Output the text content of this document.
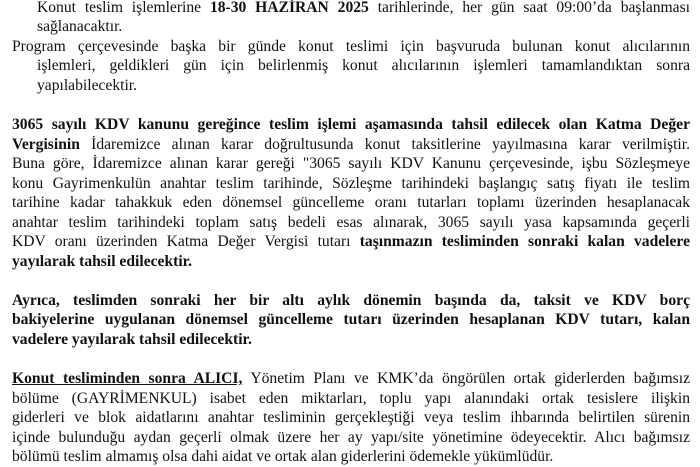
Konut teslim işlemlerine 18-30 HAZİRAN 2025 tarihlerinde, her gün saat 09:00’da başlanması
sağlanacaktır.
Program çerçevesinde başka bir günde konut teslimi için başvuruda bulunan konut alıcılarının
işlemleri, geldikleri gün için belirlenmiş konut alıcılarının işlemleri tamamlandıktan sonra
yapılabilecektir.
3065 sayılı KDV kanunu gereğince teslim işlemi aşamasında tahsil edilecek olan Katma Değer
Vergisinin İdaremizce alınan karar doğrultusunda konut taksitlerine yayılmasına karar verilmiştir.
Buna göre, İdaremizce alınan karar gereği "3065 sayılı KDV Kanunu çerçevesinde, işbu Sözleşmeye
konu Gayrimenkulün anahtar teslim tarihinde, Sözleşme tarihindeki başlangıç satış fiyatı ile teslim
tarihine kadar tahakkuk eden dönemsel güncelleme oranı tutarları toplamı üzerinden hesaplanacak
anahtar teslim tarihindeki toplam satış bedeli esas alınarak, 3065 sayılı yasa kapsamında geçerli
KDV oranı üzerinden Katma Değer Vergisi tutarı taşınmazın tesliminden sonraki kalan vadelere
yayılarak tahsil edilecektir.
Ayrıca, teslimden sonraki her bir altı aylık dönemin başında da, taksit ve KDV borç
bakiyelerine uygulanan dönemsel güncelleme tutarı üzerinden hesaplanan KDV tutarı, kalan
vadelere yayılarak tahsil edilecektir.
Konut tesliminden sonra ALICI, Yönetim Planı ve KMK’da öngörülen ortak giderlerden bağımsız
bölüme (GAYRİMENKUL) isabet eden miktarları, toplu yapı alanındaki ortak tesislere ilişkin
giderleri ve blok aidatlarını anahtar tesliminin gerçekleştiği veya teslim ihbarında belirtilen sürenin
içinde bulunduğu aydan geçerli olmak üzere her ay yapı/site yönetimine ödeyecektir. Alıcı bağımsız
bölümü teslim almamış olsa dahi aidat ve ortak alan giderlerini ödemekle yükümlüdür.
